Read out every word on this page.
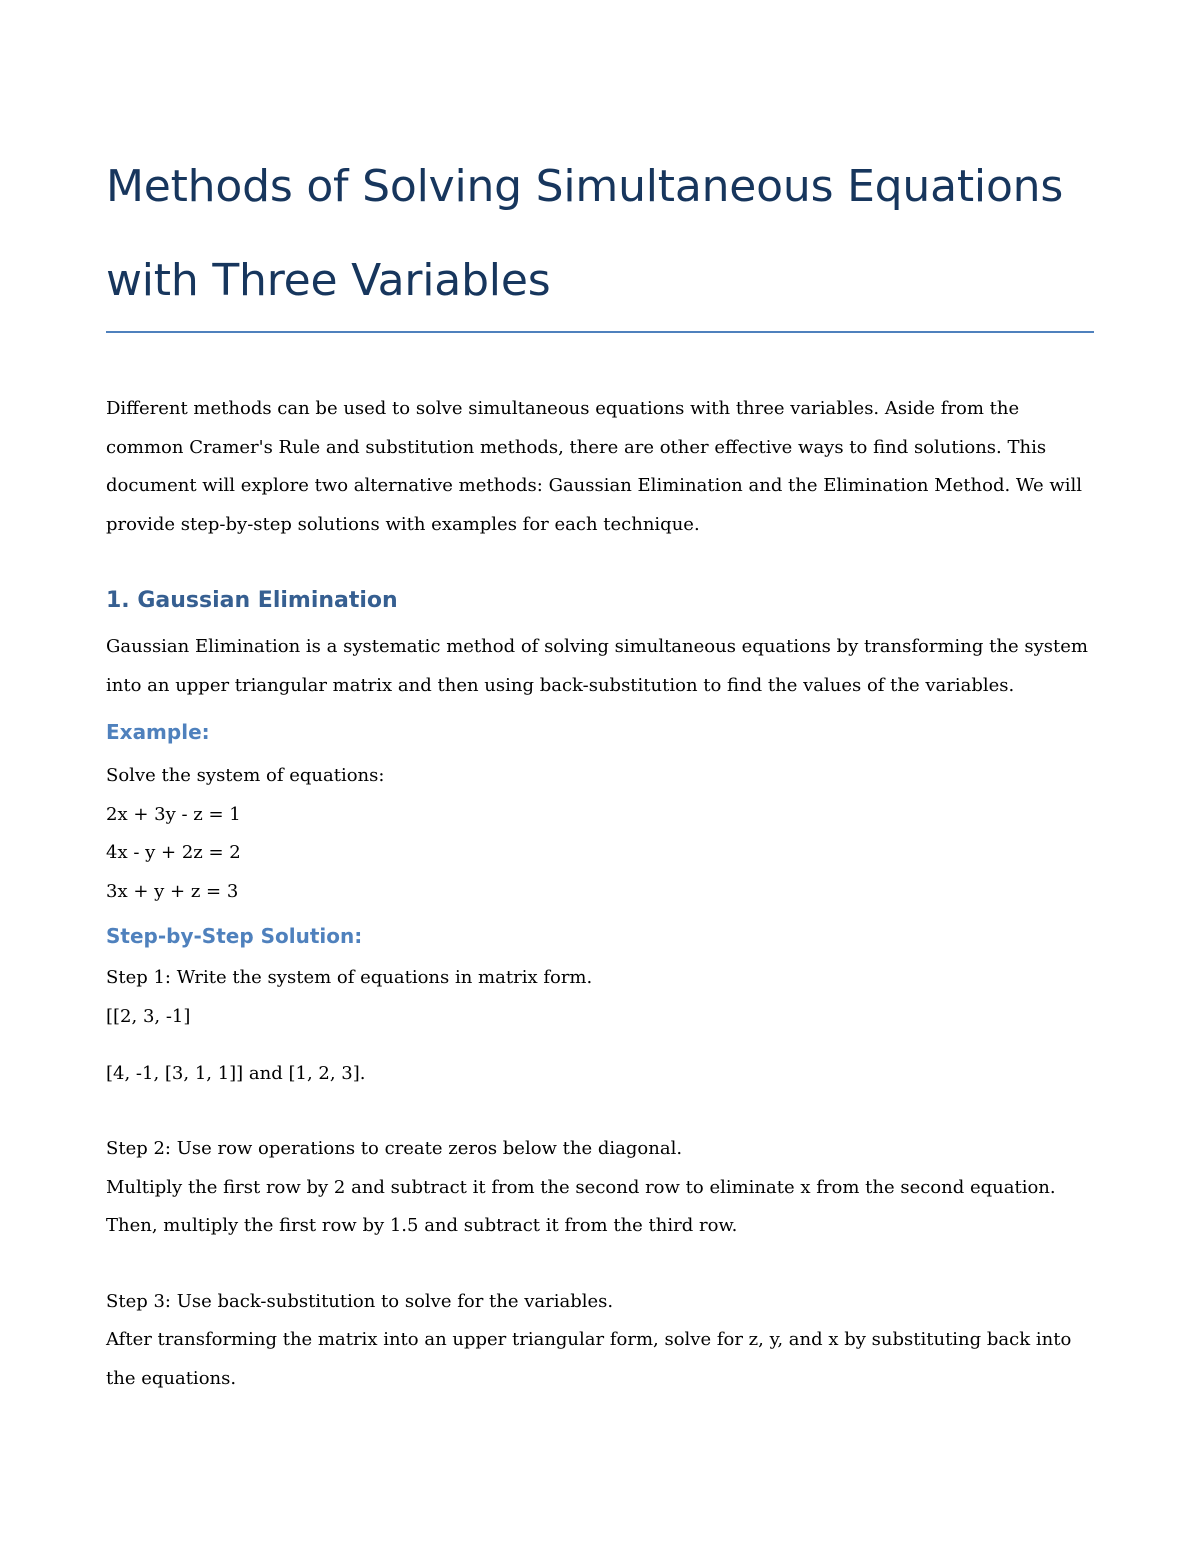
Methods of Solving Simultaneous Equations
with Three Variables

Different methods can be used to solve simultaneous equations with three variables. Aside from the

common Cramer's Rule and substitution methods, there are other effective ways to find solutions. This

document will explore two alternative methods: Gaussian Elimination and the Elimination Method. We will

provide step-by-step solutions with examples for each technique.

1. Gaussian Elimination

Gaussian Elimination is a systematic method of solving simultaneous equations by transforming the system

into an upper triangular matrix and then using back-substitution to find the values of the variables.

Example:

Solve the system of equations:

2x + 3y - z = 1

4x - y + 2z = 2

3x + y + z = 3

Step-by-Step Solution:

Step 1: Write the system of equations in matrix form.

[[2, 3, -1]

[4, -1, [3, 1, 1]] and [1, 2, 3].

Step 2: Use row operations to create zeros below the diagonal.

Multiply the first row by 2 and subtract it from the second row to eliminate x from the second equation.

Then, multiply the first row by 1.5 and subtract it from the third row.

Step 3: Use back-substitution to solve for the variables.

After transforming the matrix into an upper triangular form, solve for z, y, and x by substituting back into

the equations.
